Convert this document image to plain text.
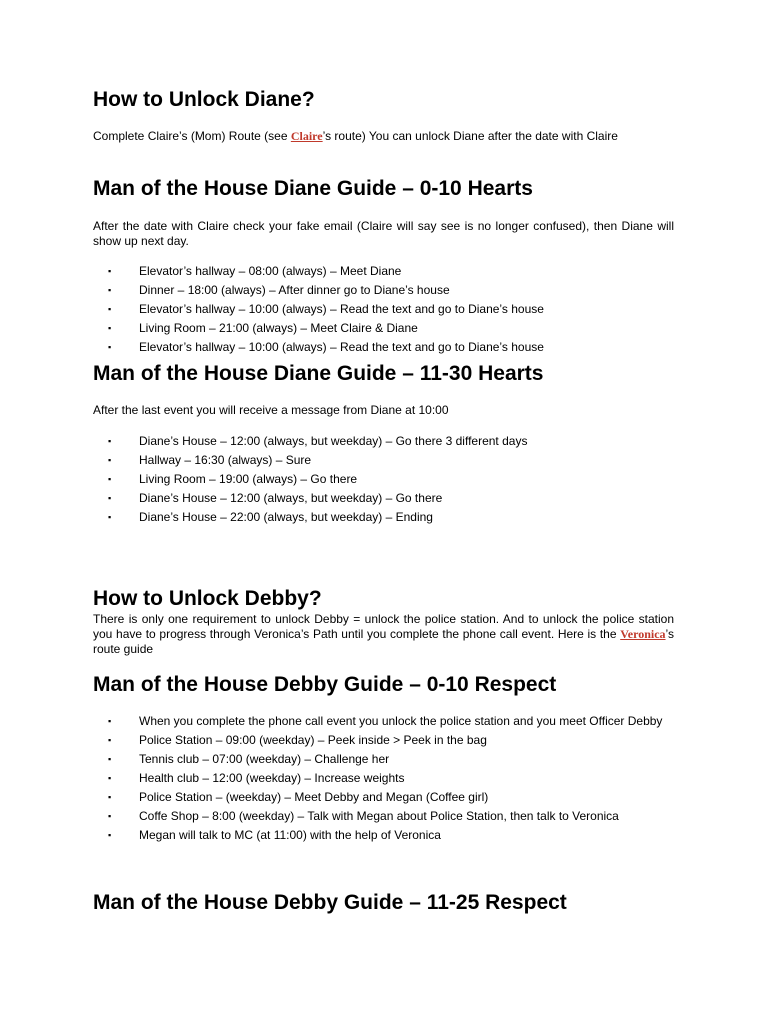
How to Unlock Diane?

Complete Claire’s (Mom) Route (see Claire’s route) You can unlock Diane after the date with Claire

Man of the House Diane Guide – 0-10 Hearts

After the date with Claire check your fake email (Claire will say see is no longer confused), then Diane will show up next day.

▪ Elevator’s hallway – 08:00 (always) – Meet Diane
▪ Dinner – 18:00 (always) – After dinner go to Diane’s house
▪ Elevator’s hallway – 10:00 (always) – Read the text and go to Diane’s house
▪ Living Room – 21:00 (always) – Meet Claire & Diane
▪ Elevator’s hallway – 10:00 (always) – Read the text and go to Diane’s house
Man of the House Diane Guide – 11-30 Hearts

After the last event you will receive a message from Diane at 10:00

▪ Diane’s House – 12:00 (always, but weekday) – Go there 3 different days
▪ Hallway – 16:30 (always) – Sure
▪ Living Room – 19:00 (always) – Go there
▪ Diane’s House – 12:00 (always, but weekday) – Go there
▪ Diane’s House – 22:00 (always, but weekday) – Ending
How to Unlock Debby?

There is only one requirement to unlock Debby = unlock the police station. And to unlock the police station you have to progress through Veronica’s Path until you complete the phone call event. Here is the Veronica’s route guide

Man of the House Debby Guide – 0-10 Respect
▪ When you complete the phone call event you unlock the police station and you meet Officer Debby
▪ Police Station – 09:00 (weekday) – Peek inside > Peek in the bag
▪ Tennis club – 07:00 (weekday) – Challenge her
▪ Health club – 12:00 (weekday) – Increase weights
▪ Police Station – (weekday) – Meet Debby and Megan (Coffee girl)
▪ Coffe Shop – 8:00 (weekday) – Talk with Megan about Police Station, then talk to Veronica
▪ Megan will talk to MC (at 11:00) with the help of Veronica
Man of the House Debby Guide – 11-25 Respect
